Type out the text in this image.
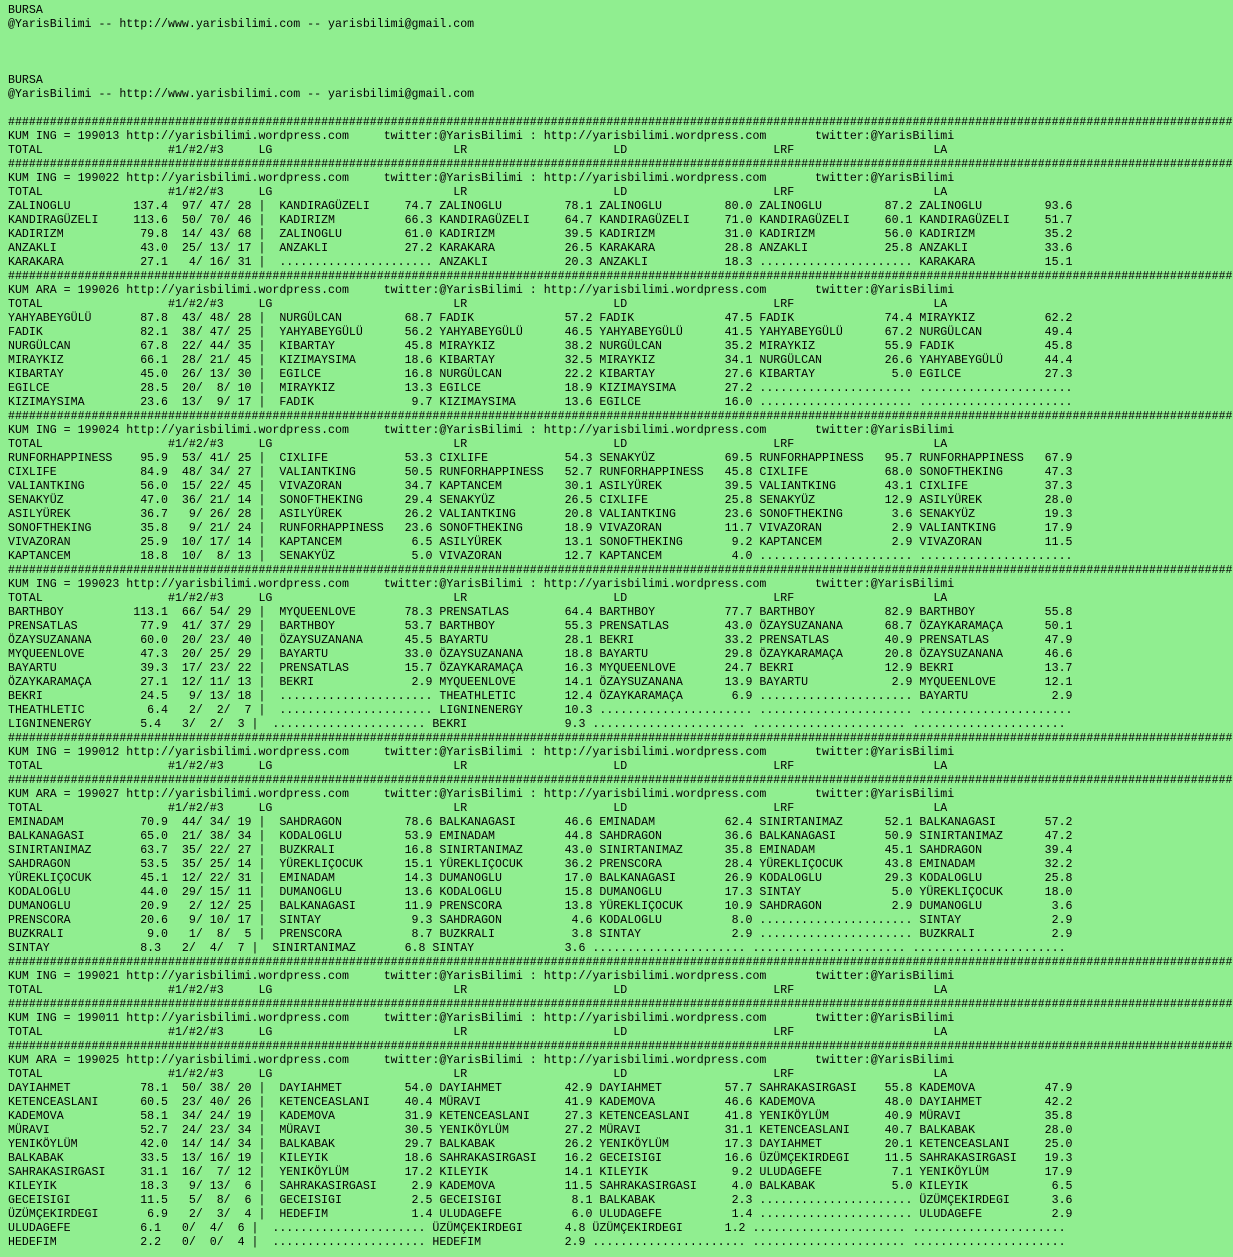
BURSA
@YarisBilimi -- http://www.yarisbilimi.com -- yarisbilimi@gmail.com
BURSA
@YarisBilimi -- http://www.yarisbilimi.com -- yarisbilimi@gmail.com
################################################################################################################################################################################
KUM ING = 199013 http://yarisbilimi.wordpress.com     twitter:@YarisBilimi : http://yarisbilimi.wordpress.com       twitter:@YarisBilimi
TOTAL                  #1/#2/#3     LG                          LR                     LD                     LRF                    LA
################################################################################################################################################################################
KUM ING = 199022 http://yarisbilimi.wordpress.com     twitter:@YarisBilimi : http://yarisbilimi.wordpress.com       twitter:@YarisBilimi
TOTAL                  #1/#2/#3     LG                          LR                     LD                     LRF                    LA
ZALINOGLU         137.4  97/ 47/ 28 |  KANDIRAGÜZELI     74.7 ZALINOGLU         78.1 ZALINOGLU         80.0 ZALINOGLU         87.2 ZALINOGLU         93.6
KANDIRAGÜZELI     113.6  50/ 70/ 46 |  KADIRIZM          66.3 KANDIRAGÜZELI     64.7 KANDIRAGÜZELI     71.0 KANDIRAGÜZELI     60.1 KANDIRAGÜZELI     51.7
KADIRIZM           79.8  14/ 43/ 68 |  ZALINOGLU         61.0 KADIRIZM          39.5 KADIRIZM          31.0 KADIRIZM          56.0 KADIRIZM          35.2
ANZAKLI            43.0  25/ 13/ 17 |  ANZAKLI           27.2 KARAKARA          26.5 KARAKARA          28.8 ANZAKLI           25.8 ANZAKLI           33.6
KARAKARA           27.1   4/ 16/ 31 |  ...................... ANZAKLI           20.3 ANZAKLI           18.3 ...................... KARAKARA          15.1
################################################################################################################################################################################
KUM ARA = 199026 http://yarisbilimi.wordpress.com     twitter:@YarisBilimi : http://yarisbilimi.wordpress.com       twitter:@YarisBilimi
TOTAL                  #1/#2/#3     LG                          LR                     LD                     LRF                    LA
YAHYABEYGÜLÜ       87.8  43/ 48/ 28 |  NURGÜLCAN         68.7 FADIK             57.2 FADIK             47.5 FADIK             74.4 MIRAYKIZ          62.2
FADIK              82.1  38/ 47/ 25 |  YAHYABEYGÜLÜ      56.2 YAHYABEYGÜLÜ      46.5 YAHYABEYGÜLÜ      41.5 YAHYABEYGÜLÜ      67.2 NURGÜLCAN         49.4
NURGÜLCAN          67.8  22/ 44/ 35 |  KIBARTAY          45.8 MIRAYKIZ          38.2 NURGÜLCAN         35.2 MIRAYKIZ          55.9 FADIK             45.8
MIRAYKIZ           66.1  28/ 21/ 45 |  KIZIMAYSIMA       18.6 KIBARTAY          32.5 MIRAYKIZ          34.1 NURGÜLCAN         26.6 YAHYABEYGÜLÜ      44.4
KIBARTAY           45.0  26/ 13/ 30 |  EGILCE            16.8 NURGÜLCAN         22.2 KIBARTAY          27.6 KIBARTAY           5.0 EGILCE            27.3
EGILCE             28.5  20/  8/ 10 |  MIRAYKIZ          13.3 EGILCE            18.9 KIZIMAYSIMA       27.2 ...................... ......................
KIZIMAYSIMA        23.6  13/  9/ 17 |  FADIK              9.7 KIZIMAYSIMA       13.6 EGILCE            16.0 ...................... ......................
################################################################################################################################################################################
KUM ING = 199024 http://yarisbilimi.wordpress.com     twitter:@YarisBilimi : http://yarisbilimi.wordpress.com       twitter:@YarisBilimi
TOTAL                  #1/#2/#3     LG                          LR                     LD                     LRF                    LA
RUNFORHAPPINESS    95.9  53/ 41/ 25 |  CIXLIFE           53.3 CIXLIFE           54.3 SENAKYÜZ          69.5 RUNFORHAPPINESS   95.7 RUNFORHAPPINESS   67.9
CIXLIFE            84.9  48/ 34/ 27 |  VALIANTKING       50.5 RUNFORHAPPINESS   52.7 RUNFORHAPPINESS   45.8 CIXLIFE           68.0 SONOFTHEKING      47.3
VALIANTKING        56.0  15/ 22/ 45 |  VIVAZORAN         34.7 KAPTANCEM         30.1 ASILYÜREK         39.5 VALIANTKING       43.1 CIXLIFE           37.3
SENAKYÜZ           47.0  36/ 21/ 14 |  SONOFTHEKING      29.4 SENAKYÜZ          26.5 CIXLIFE           25.8 SENAKYÜZ          12.9 ASILYÜREK         28.0
ASILYÜREK          36.7   9/ 26/ 28 |  ASILYÜREK         26.2 VALIANTKING       20.8 VALIANTKING       23.6 SONOFTHEKING       3.6 SENAKYÜZ          19.3
SONOFTHEKING       35.8   9/ 21/ 24 |  RUNFORHAPPINESS   23.6 SONOFTHEKING      18.9 VIVAZORAN         11.7 VIVAZORAN          2.9 VALIANTKING       17.9
VIVAZORAN          25.9  10/ 17/ 14 |  KAPTANCEM          6.5 ASILYÜREK         13.1 SONOFTHEKING       9.2 KAPTANCEM          2.9 VIVAZORAN         11.5
KAPTANCEM          18.8  10/  8/ 13 |  SENAKYÜZ           5.0 VIVAZORAN         12.7 KAPTANCEM          4.0 ...................... ......................
################################################################################################################################################################################
KUM ING = 199023 http://yarisbilimi.wordpress.com     twitter:@YarisBilimi : http://yarisbilimi.wordpress.com       twitter:@YarisBilimi
TOTAL                  #1/#2/#3     LG                          LR                     LD                     LRF                    LA
BARTHBOY          113.1  66/ 54/ 29 |  MYQUEENLOVE       78.3 PRENSATLAS        64.4 BARTHBOY          77.7 BARTHBOY          82.9 BARTHBOY          55.8
PRENSATLAS         77.9  41/ 37/ 29 |  BARTHBOY          53.7 BARTHBOY          55.3 PRENSATLAS        43.0 ÖZAYSUZANANA      68.7 ÖZAYKARAMAÇA      50.1
ÖZAYSUZANANA       60.0  20/ 23/ 40 |  ÖZAYSUZANANA      45.5 BAYARTU           28.1 BEKRI             33.2 PRENSATLAS        40.9 PRENSATLAS        47.9
MYQUEENLOVE        47.3  20/ 25/ 29 |  BAYARTU           33.0 ÖZAYSUZANANA      18.8 BAYARTU           29.8 ÖZAYKARAMAÇA      20.8 ÖZAYSUZANANA      46.6
BAYARTU            39.3  17/ 23/ 22 |  PRENSATLAS        15.7 ÖZAYKARAMAÇA      16.3 MYQUEENLOVE       24.7 BEKRI             12.9 BEKRI             13.7
ÖZAYKARAMAÇA       27.1  12/ 11/ 13 |  BEKRI              2.9 MYQUEENLOVE       14.1 ÖZAYSUZANANA      13.9 BAYARTU            2.9 MYQUEENLOVE       12.1
BEKRI              24.5   9/ 13/ 18 |  ...................... THEATHLETIC       12.4 ÖZAYKARAMAÇA       6.9 ...................... BAYARTU            2.9
THEATHLETIC         6.4   2/  2/  7 |  ...................... LIGNINENERGY      10.3 ...................... ...................... ......................
LIGNINENERGY       5.4   3/  2/  3 |  ...................... BEKRI              9.3 ...................... ...................... ......................
################################################################################################################################################################################
KUM ING = 199012 http://yarisbilimi.wordpress.com     twitter:@YarisBilimi : http://yarisbilimi.wordpress.com       twitter:@YarisBilimi
TOTAL                  #1/#2/#3     LG                          LR                     LD                     LRF                    LA
################################################################################################################################################################################
KUM ARA = 199027 http://yarisbilimi.wordpress.com     twitter:@YarisBilimi : http://yarisbilimi.wordpress.com       twitter:@YarisBilimi
TOTAL                  #1/#2/#3     LG                          LR                     LD                     LRF                    LA
EMINADAM           70.9  44/ 34/ 19 |  SAHDRAGON         78.6 BALKANAGASI       46.6 EMINADAM          62.4 SINIRTANIMAZ      52.1 BALKANAGASI       57.2
BALKANAGASI        65.0  21/ 38/ 34 |  KODALOGLU         53.9 EMINADAM          44.8 SAHDRAGON         36.6 BALKANAGASI       50.9 SINIRTANIMAZ      47.2
SINIRTANIMAZ       63.7  35/ 22/ 27 |  BUZKRALI          16.8 SINIRTANIMAZ      43.0 SINIRTANIMAZ      35.8 EMINADAM          45.1 SAHDRAGON         39.4
SAHDRAGON          53.5  35/ 25/ 14 |  YÜREKLIÇOCUK      15.1 YÜREKLIÇOCUK      36.2 PRENSCORA         28.4 YÜREKLIÇOCUK      43.8 EMINADAM          32.2
YÜREKLIÇOCUK       45.1  12/ 22/ 31 |  EMINADAM          14.3 DUMANOGLU         17.0 BALKANAGASI       26.9 KODALOGLU         29.3 KODALOGLU         25.8
KODALOGLU          44.0  29/ 15/ 11 |  DUMANOGLU         13.6 KODALOGLU         15.8 DUMANOGLU         17.3 SINTAY             5.0 YÜREKLIÇOCUK      18.0
DUMANOGLU          20.9   2/ 12/ 25 |  BALKANAGASI       11.9 PRENSCORA         13.8 YÜREKLIÇOCUK      10.9 SAHDRAGON          2.9 DUMANOGLU          3.6
PRENSCORA          20.6   9/ 10/ 17 |  SINTAY             9.3 SAHDRAGON          4.6 KODALOGLU          8.0 ...................... SINTAY             2.9
BUZKRALI            9.0   1/  8/  5 |  PRENSCORA          8.7 BUZKRALI           3.8 SINTAY             2.9 ...................... BUZKRALI           2.9
SINTAY             8.3   2/  4/  7 |  SINIRTANIMAZ       6.8 SINTAY             3.6 ...................... ...................... ......................
################################################################################################################################################################################
KUM ING = 199021 http://yarisbilimi.wordpress.com     twitter:@YarisBilimi : http://yarisbilimi.wordpress.com       twitter:@YarisBilimi
TOTAL                  #1/#2/#3     LG                          LR                     LD                     LRF                    LA
################################################################################################################################################################################
KUM ING = 199011 http://yarisbilimi.wordpress.com     twitter:@YarisBilimi : http://yarisbilimi.wordpress.com       twitter:@YarisBilimi
TOTAL                  #1/#2/#3     LG                          LR                     LD                     LRF                    LA
################################################################################################################################################################################
KUM ARA = 199025 http://yarisbilimi.wordpress.com     twitter:@YarisBilimi : http://yarisbilimi.wordpress.com       twitter:@YarisBilimi
TOTAL                  #1/#2/#3     LG                          LR                     LD                     LRF                    LA
DAYIAHMET          78.1  50/ 38/ 20 |  DAYIAHMET         54.0 DAYIAHMET         42.9 DAYIAHMET         57.7 SAHRAKASIRGASI    55.8 KADEMOVA          47.9
KETENCEASLANI      60.5  23/ 40/ 26 |  KETENCEASLANI     40.4 MÜRAVI            41.9 KADEMOVA          46.6 KADEMOVA          48.0 DAYIAHMET         42.2
KADEMOVA           58.1  34/ 24/ 19 |  KADEMOVA          31.9 KETENCEASLANI     27.3 KETENCEASLANI     41.8 YENIKÖYLÜM        40.9 MÜRAVI            35.8
MÜRAVI             52.7  24/ 23/ 34 |  MÜRAVI            30.5 YENIKÖYLÜM        27.2 MÜRAVI            31.1 KETENCEASLANI     40.7 BALKABAK          28.0
YENIKÖYLÜM         42.0  14/ 14/ 34 |  BALKABAK          29.7 BALKABAK          26.2 YENIKÖYLÜM        17.3 DAYIAHMET         20.1 KETENCEASLANI     25.0
BALKABAK           33.5  13/ 16/ 19 |  KILEYIK           18.6 SAHRAKASIRGASI    16.2 GECEISIGI         16.6 ÜZÜMÇEKIRDEGI     11.5 SAHRAKASIRGASI    19.3
SAHRAKASIRGASI     31.1  16/  7/ 12 |  YENIKÖYLÜM        17.2 KILEYIK           14.1 KILEYIK            9.2 ULUDAGEFE          7.1 YENIKÖYLÜM        17.9
KILEYIK            18.3   9/ 13/  6 |  SAHRAKASIRGASI     2.9 KADEMOVA          11.5 SAHRAKASIRGASI     4.0 BALKABAK           5.0 KILEYIK            6.5
GECEISIGI          11.5   5/  8/  6 |  GECEISIGI          2.5 GECEISIGI          8.1 BALKABAK           2.3 ...................... ÜZÜMÇEKIRDEGI      3.6
ÜZÜMÇEKIRDEGI       6.9   2/  3/  4 |  HEDEFIM            1.4 ULUDAGEFE          6.0 ULUDAGEFE          1.4 ...................... ULUDAGEFE          2.9
ULUDAGEFE          6.1   0/  4/  6 |  ...................... ÜZÜMÇEKIRDEGI      4.8 ÜZÜMÇEKIRDEGI      1.2 ...................... ......................
HEDEFIM            2.2   0/  0/  4 |  ...................... HEDEFIM            2.9 ...................... ...................... ......................
